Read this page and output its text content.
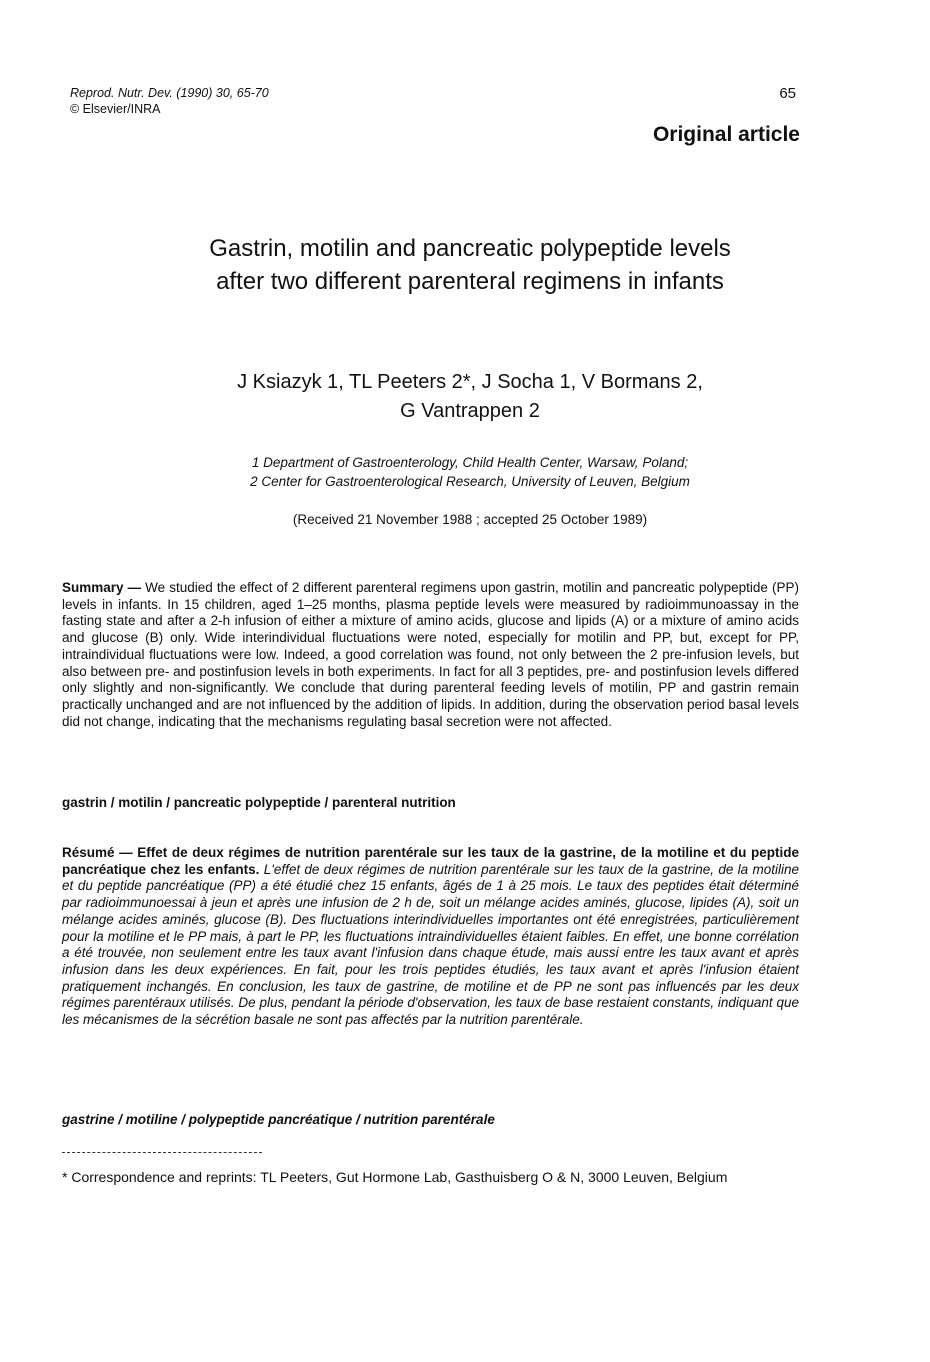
Reprod. Nutr. Dev. (1990) 30, 65-70
© Elsevier/INRA
65
Original article
Gastrin, motilin and pancreatic polypeptide levels
after two different parenteral regimens in infants
J Ksiazyk 1, TL Peeters 2*, J Socha 1, V Bormans 2,
G Vantrappen 2
1 Department of Gastroenterology, Child Health Center, Warsaw, Poland;
2 Center for Gastroenterological Research, University of Leuven, Belgium
(Received 21 November 1988 ; accepted 25 October 1989)
Summary — We studied the effect of 2 different parenteral regimens upon gastrin, motilin and pancreatic polypeptide (PP) levels in infants. In 15 children, aged 1–25 months, plasma peptide levels were measured by radioimmunoassay in the fasting state and after a 2-h infusion of either a mixture of amino acids, glucose and lipids (A) or a mixture of amino acids and glucose (B) only. Wide interindividual fluctuations were noted, especially for motilin and PP, but, except for PP, intraindividual fluctuations were low. Indeed, a good correlation was found, not only between the 2 pre-infusion levels, but also between pre- and postinfusion levels in both experiments. In fact for all 3 peptides, pre- and postinfusion levels differed only slightly and non-significantly. We conclude that during parenteral feeding levels of motilin, PP and gastrin remain practically unchanged and are not influenced by the addition of lipids. In addition, during the observation period basal levels did not change, indicating that the mechanisms regulating basal secretion were not affected.
gastrin / motilin / pancreatic polypeptide / parenteral nutrition
Résumé — Effet de deux régimes de nutrition parentérale sur les taux de la gastrine, de la motiline et du peptide pancréatique chez les enfants. L'effet de deux régimes de nutrition parentérale sur les taux de la gastrine, de la motiline et du peptide pancréatique (PP) a été étudié chez 15 enfants, âgés de 1 à 25 mois. Le taux des peptides était déterminé par radioimmunoessai à jeun et après une infusion de 2 h de, soit un mélange acides aminés, glucose, lipides (A), soit un mélange acides aminés, glucose (B). Des fluctuations interindividuelles importantes ont été enregistrées, particulièrement pour la motiline et le PP mais, à part le PP, les fluctuations intraindividuelles étaient faibles. En effet, une bonne corrélation a été trouvée, non seulement entre les taux avant l'infusion dans chaque étude, mais aussi entre les taux avant et après infusion dans les deux expériences. En fait, pour les trois peptides étudiés, les taux avant et après l'infusion étaient pratiquement inchangés. En conclusion, les taux de gastrine, de motiline et de PP ne sont pas influencés par les deux régimes parentéraux utilisés. De plus, pendant la période d'observation, les taux de base restaient constants, indiquant que les mécanismes de la sécrétion basale ne sont pas affectés par la nutrition parentérale.
gastrine / motiline / polypeptide pancréatique / nutrition parentérale
* Correspondence and reprints: TL Peeters, Gut Hormone Lab, Gasthuisberg O & N, 3000 Leuven, Belgium
